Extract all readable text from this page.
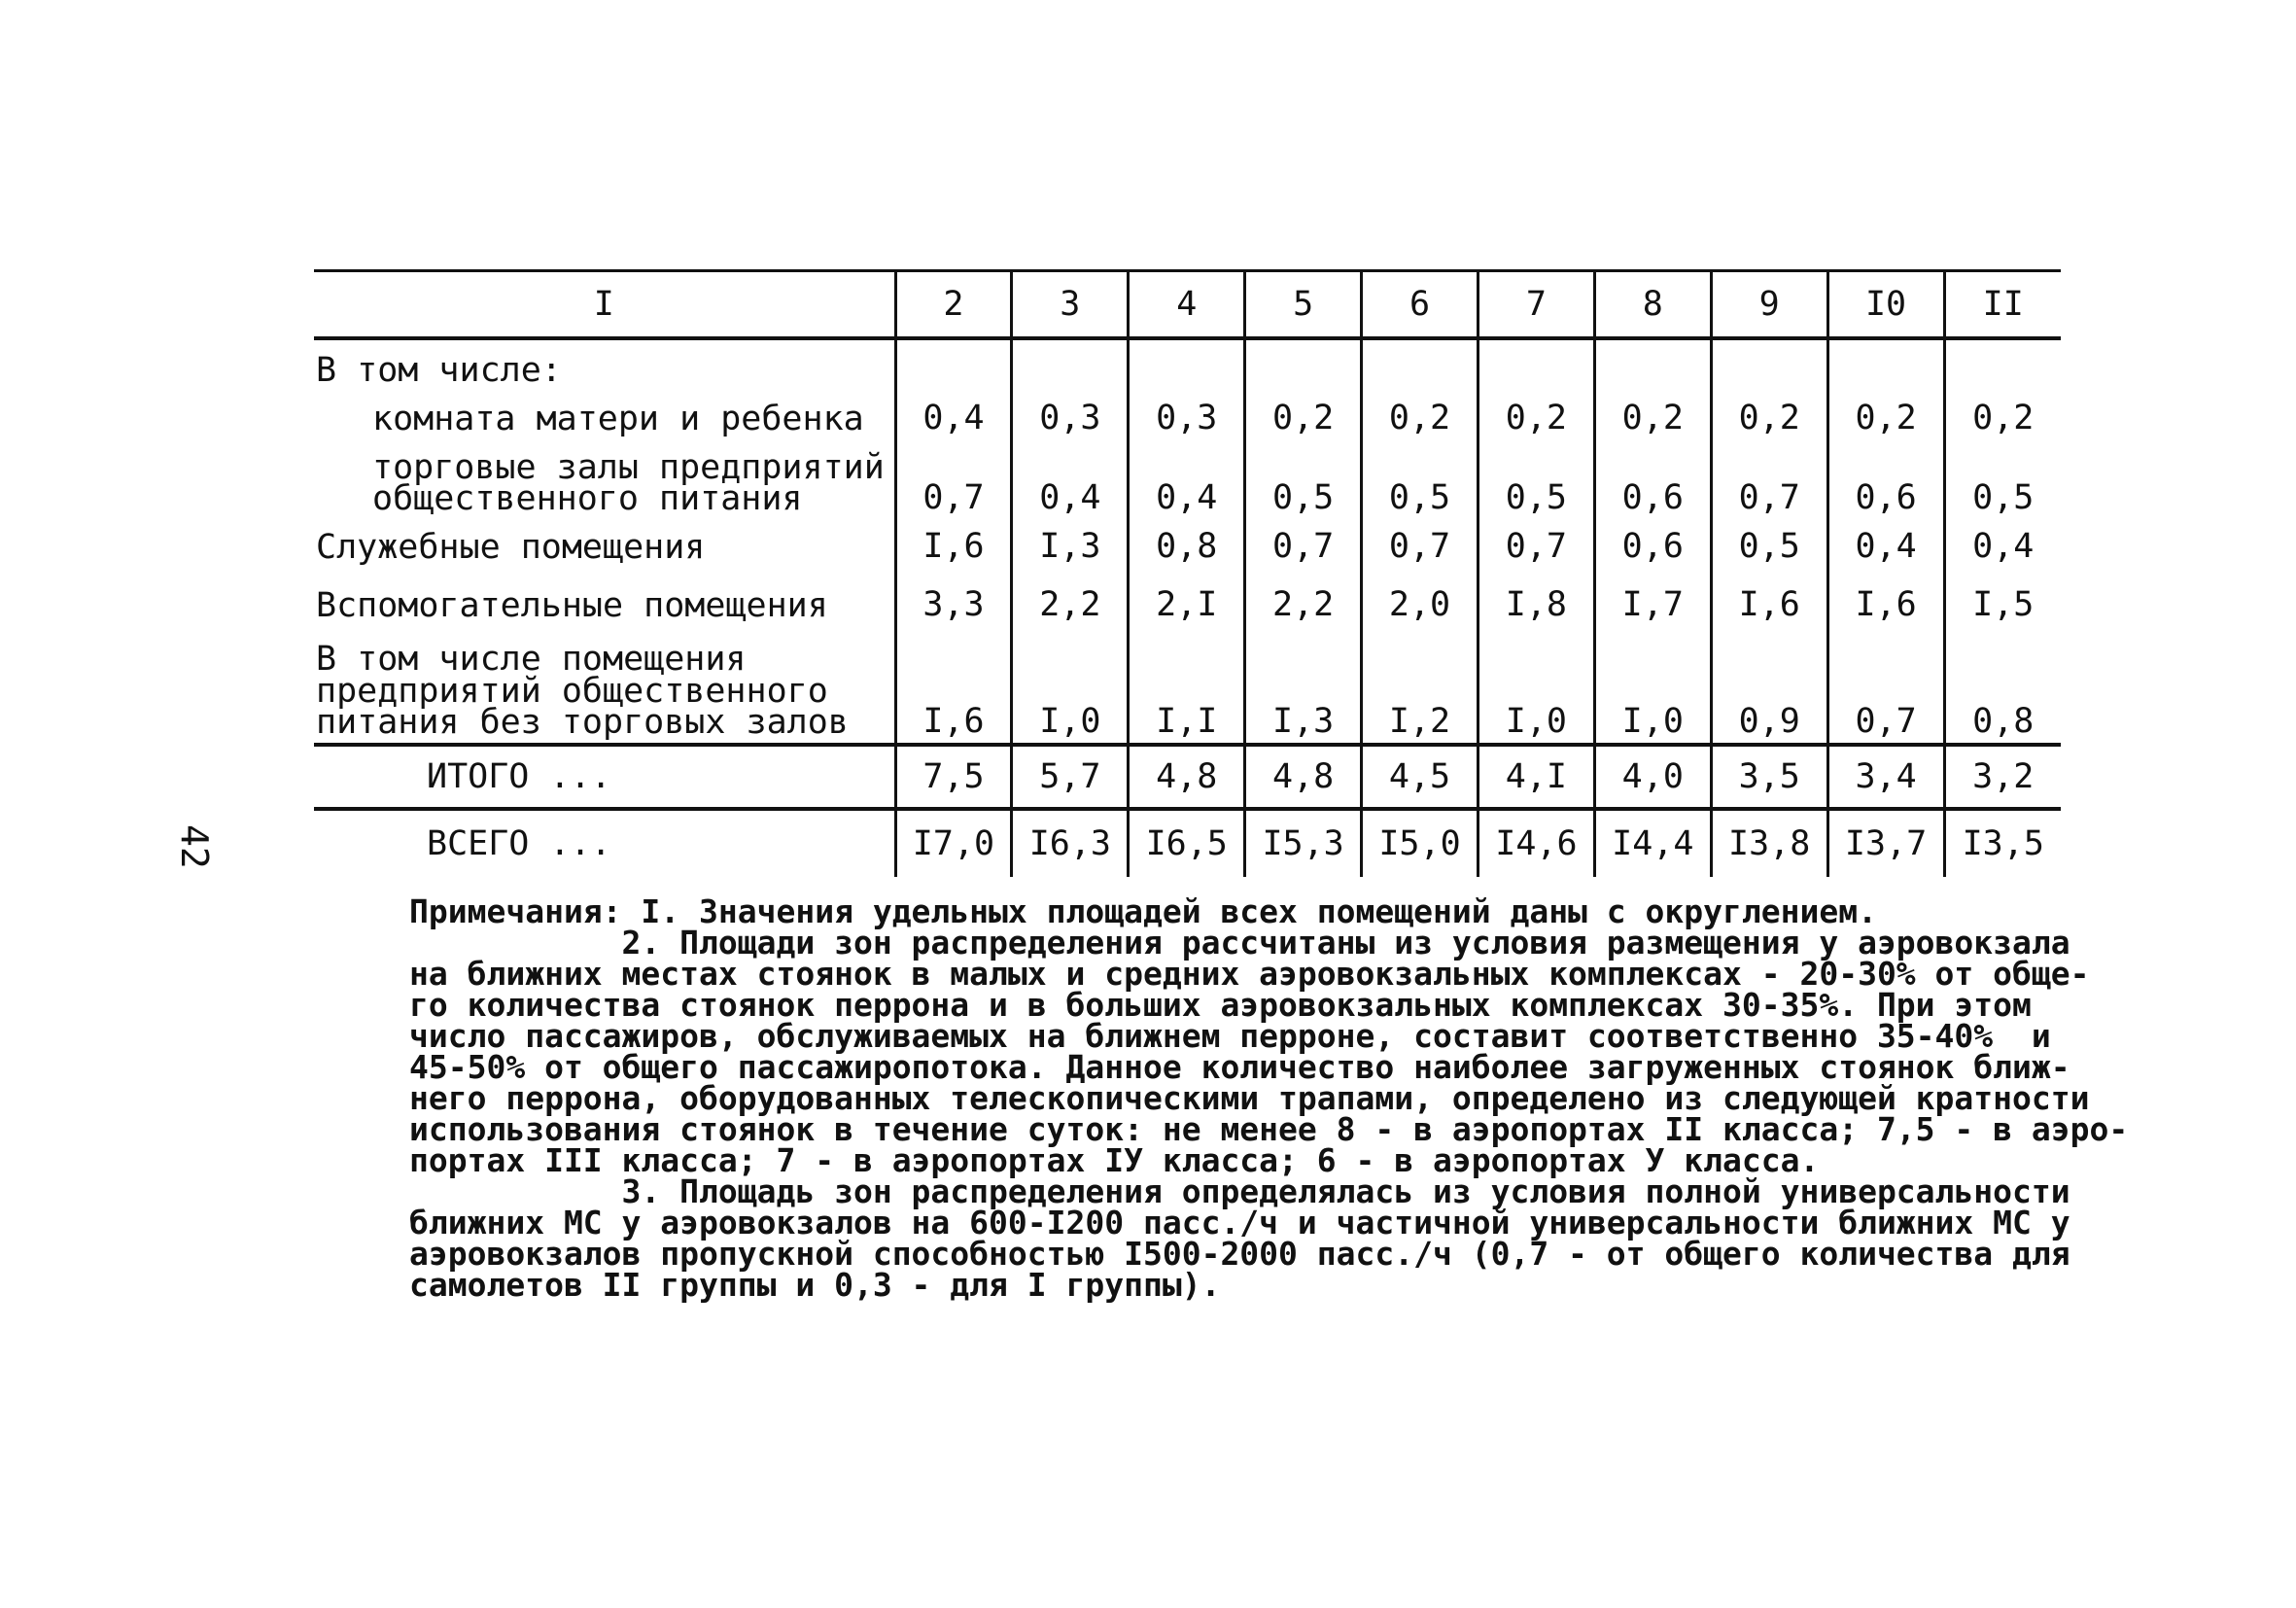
42
I	2	3	4	5	6	7	8	9	I0	II
В том числе:										
комната матери и ребенка	0,4	0,3	0,3	0,2	0,2	0,2	0,2	0,2	0,2	0,2
торговые залы предприятий общественного питания	0,7	0,4	0,4	0,5	0,5	0,5	0,6	0,7	0,6	0,5
Служебные помещения	I,6	I,3	0,8	0,7	0,7	0,7	0,6	0,5	0,4	0,4
Вспомогательные помещения	3,3	2,2	2,I	2,2	2,0	I,8	I,7	I,6	I,6	I,5
В том числе помещения предприятий общественного питания без торговых залов	I,6	I,0	I,I	I,3	I,2	I,0	I,0	0,9	0,7	0,8
ИТОГО ...	7,5	5,7	4,8	4,8	4,5	4,I	4,0	3,5	3,4	3,2
ВСЕГО ...	I7,0	I6,3	I6,5	I5,3	I5,0	I4,6	I4,4	I3,8	I3,7	I3,5
Примечания: I. Значения удельных площадей всех помещений даны с округлением.
2. Площади зон распределения рассчитаны из условия размещения у аэровокзала
на ближних местах стоянок в малых и средних аэровокзальных комплексах - 20-30% от обще-
го количества стоянок перрона и в больших аэровокзальных комплексах 30-35%. При этом
число пассажиров, обслуживаемых на ближнем перроне, составит соответственно 35-40%  и
45-50% от общего пассажиропотока. Данное количество наиболее загруженных стоянок ближ-
него перрона, оборудованных телескопическими трапами, определено из следующей кратности
использования стоянок в течение суток: не менее 8 - в аэропортах II класса; 7,5 - в аэро-
портах III класса; 7 - в аэропортах IУ класса; 6 - в аэропортах У класса.
3. Площадь зон распределения определялась из условия полной универсальности
ближних МС у аэровокзалов на 600-I200 пасс./ч и частичной универсальности ближних МС у
аэровокзалов пропускной способностью I500-2000 пасс./ч (0,7 - от общего количества для
самолетов II группы и 0,3 - для I группы).
